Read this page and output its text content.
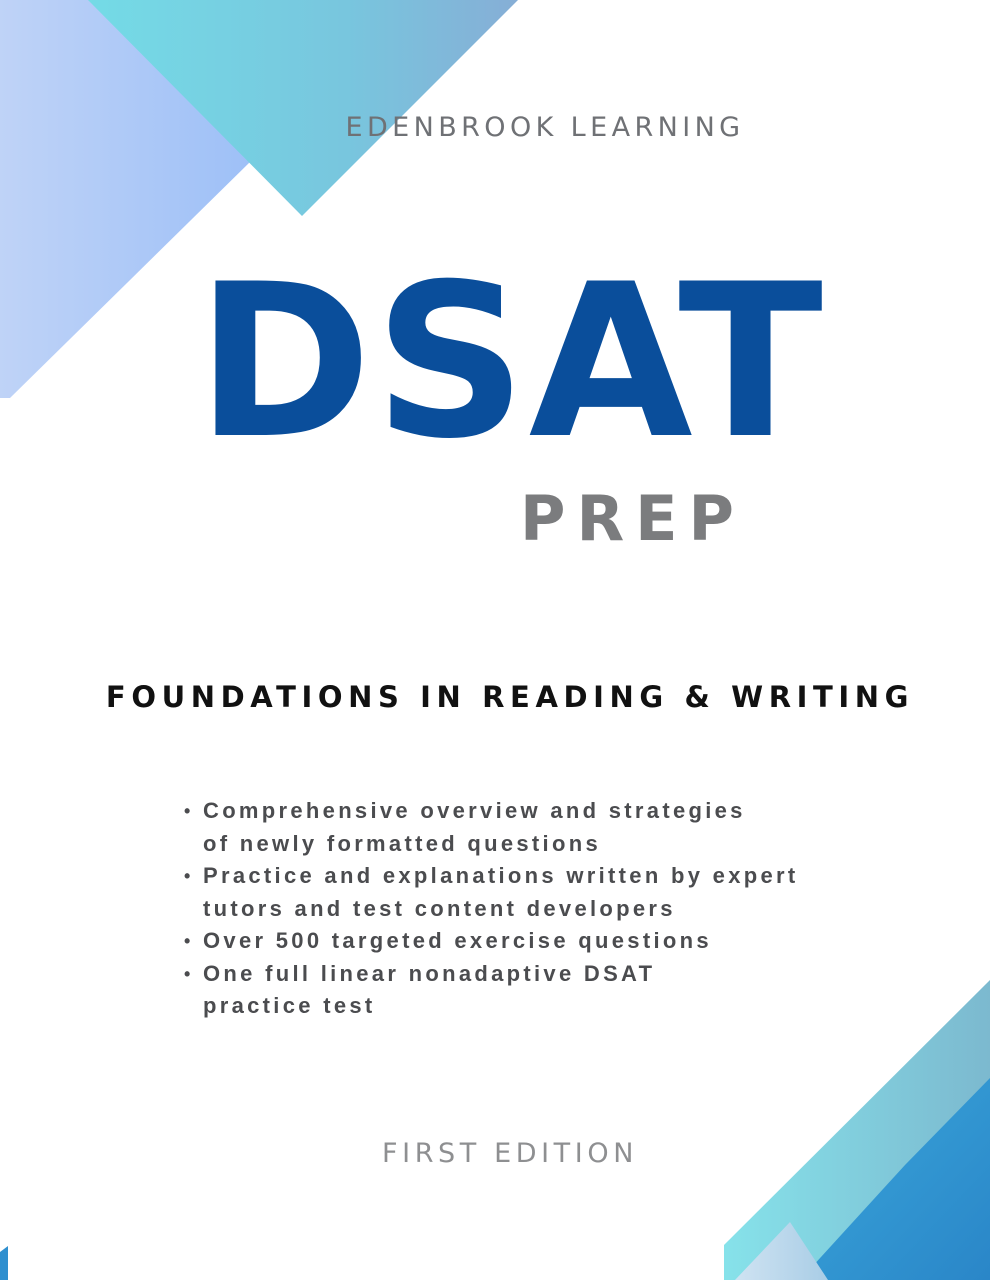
EDENBROOK LEARNING
DSAT
PREP
FOUNDATIONS IN READING & WRITING
• Comprehensive overview and strategies
of newly formatted questions
• Practice and explanations written by expert
tutors and test content developers
• Over 500 targeted exercise questions
• One full linear nonadaptive DSAT
practice test
FIRST EDITION
